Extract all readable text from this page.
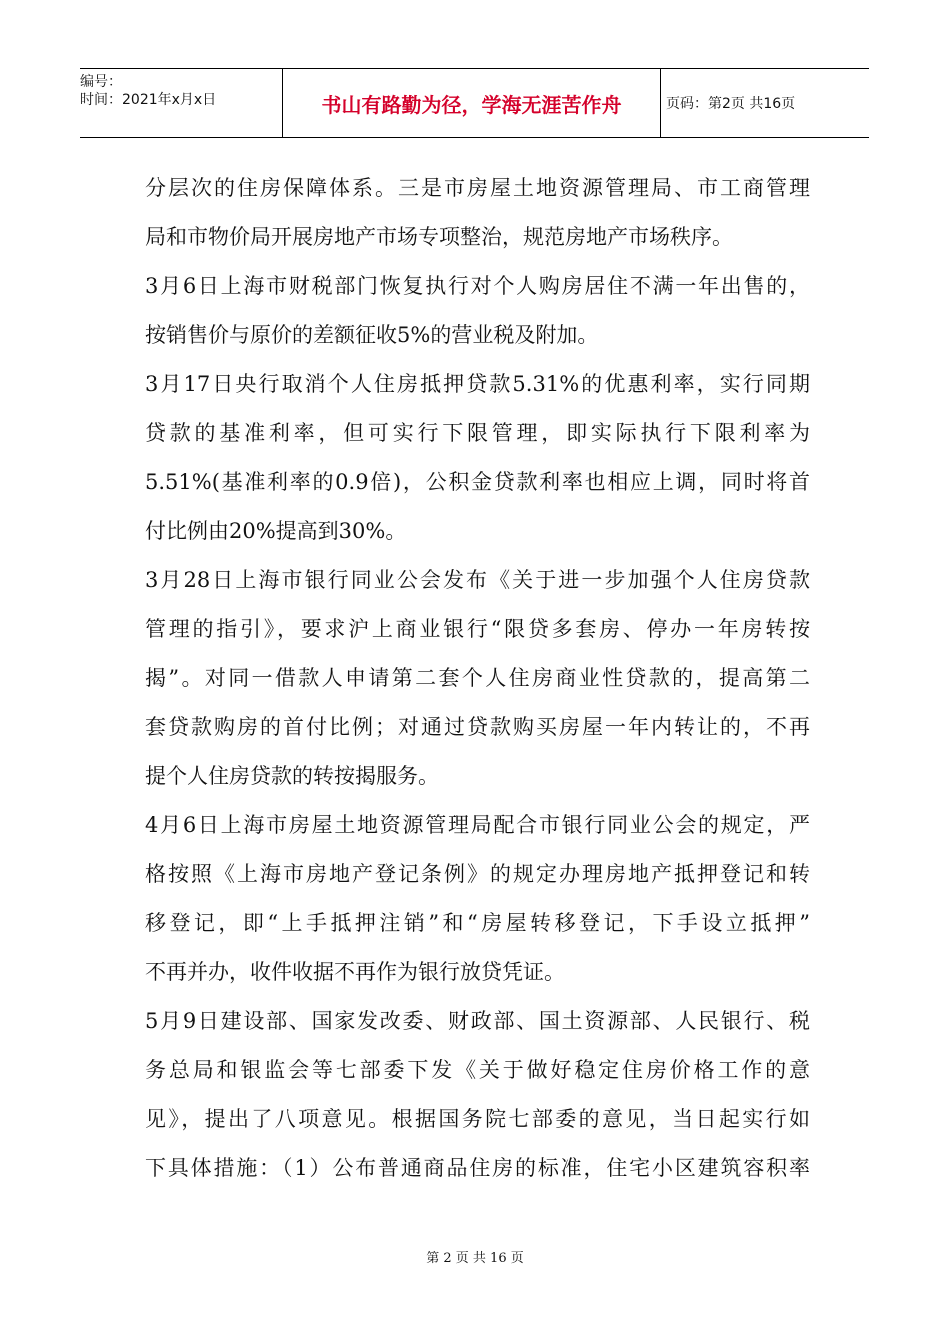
编号：
时间：2021年x月x日	书山有路勤为径，学海无涯苦作舟	页码：第2页 共16页
分层次的住房保障体系。三是市房屋土地资源管理局、市工商管理
局和市物价局开展房地产市场专项整治，规范房地产市场秩序。
3月6日上海市财税部门恢复执行对个人购房居住不满一年出售的，
按销售价与原价的差额征收5%的营业税及附加。
3月17日央行取消个人住房抵押贷款5.31%的优惠利率，实行同期
贷款的基准利率，但可实行下限管理，即实际执行下限利率为
5.51%(基准利率的0.9倍)，公积金贷款利率也相应上调，同时将首
付比例由20%提高到30%。
3月28日上海市银行同业公会发布《关于进一步加强个人住房贷款
管理的指引》，要求沪上商业银行“限贷多套房、停办一年房转按
揭”。对同一借款人申请第二套个人住房商业性贷款的，提高第二
套贷款购房的首付比例；对通过贷款购买房屋一年内转让的，不再
提个人住房贷款的转按揭服务。
4月6日上海市房屋土地资源管理局配合市银行同业公会的规定，严
格按照《上海市房地产登记条例》的规定办理房地产抵押登记和转
移登记，即“上手抵押注销”和“房屋转移登记，下手设立抵押”
不再并办，收件收据不再作为银行放贷凭证。
5月9日建设部、国家发改委、财政部、国土资源部、人民银行、税
务总局和银监会等七部委下发《关于做好稳定住房价格工作的意
见》，提出了八项意见。根据国务院七部委的意见，当日起实行如
下具体措施：（1）公布普通商品住房的标准，住宅小区建筑容积率
第 2 页 共 16 页
